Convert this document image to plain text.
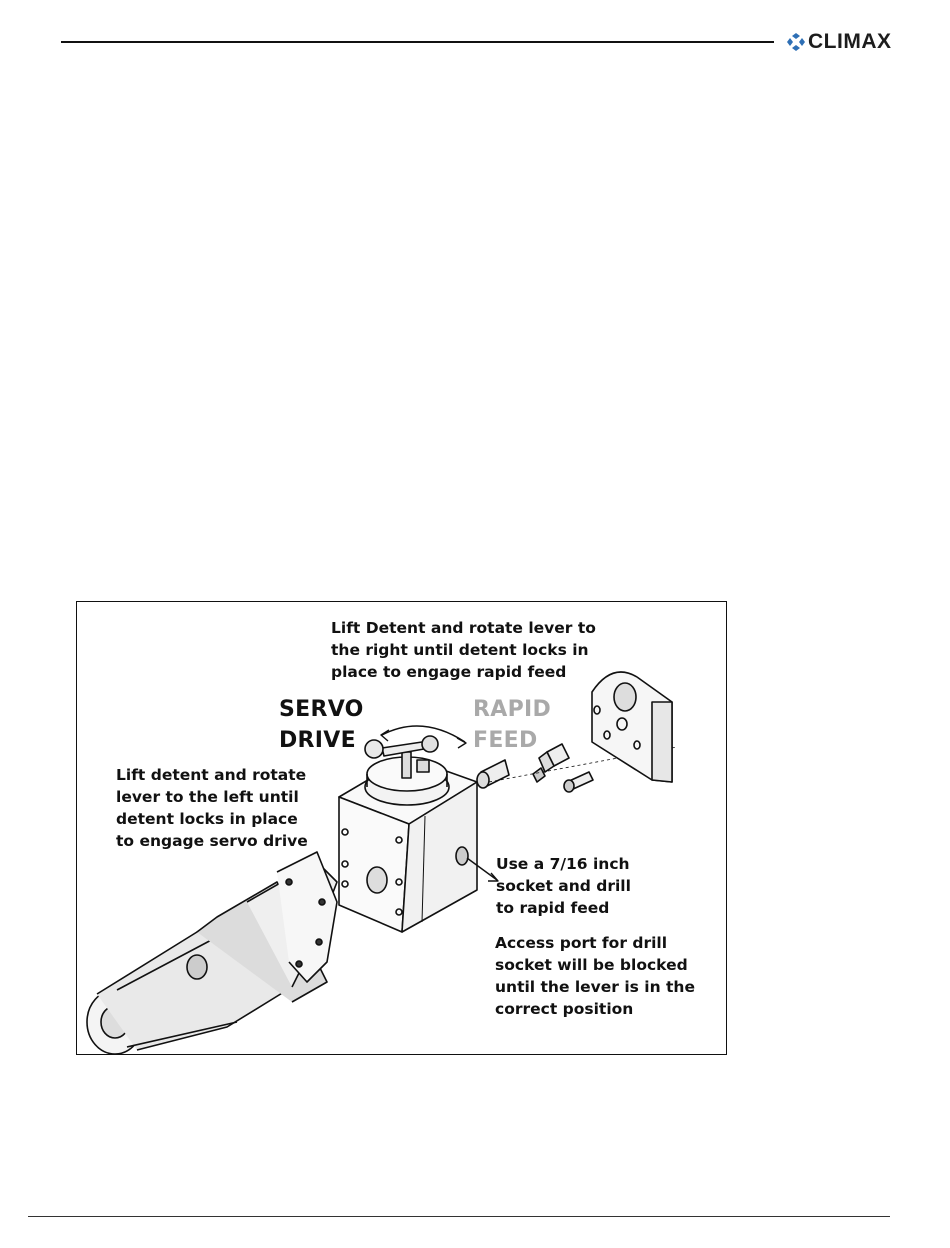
CLIMAX
Lift Detent and rotate lever to
the right until detent locks in
place to engage rapid feed
SERVO
DRIVE
RAPID
FEED
Lift detent and rotate
lever to the left until
detent locks in place
to engage servo drive
Use a 7/16 inch
socket and drill
to rapid feed
Access port for drill
socket will be blocked
until the lever is in the
correct position
